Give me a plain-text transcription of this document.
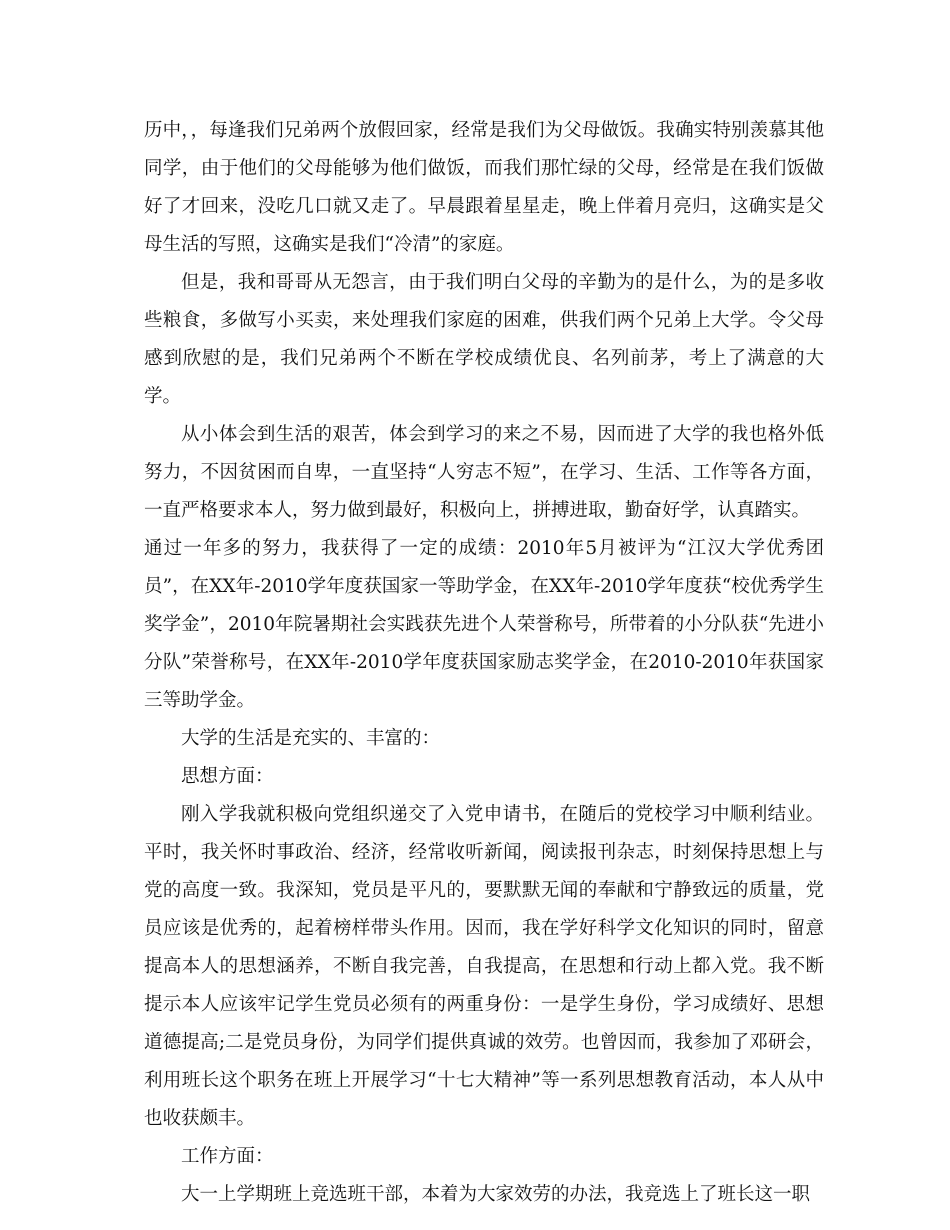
历中，，每逢我们兄弟两个放假回家，经常是我们为父母做饭。我确实特别羡慕其他同学，由于他们的父母能够为他们做饭，而我们那忙绿的父母，经常是在我们饭做好了才回来，没吃几口就又走了。早晨跟着星星走，晚上伴着月亮归，这确实是父母生活的写照，这确实是我们“冷清”的家庭。

但是，我和哥哥从无怨言，由于我们明白父母的辛勤为的是什么，为的是多收些粮食，多做写小买卖，来处理我们家庭的困难，供我们两个兄弟上大学。令父母感到欣慰的是，我们兄弟两个不断在学校成绩优良、名列前茅，考上了满意的大学。

从小体会到生活的艰苦，体会到学习的来之不易，因而进了大学的我也格外低努力，不因贫困而自卑，一直坚持“人穷志不短”，在学习、生活、工作等各方面，一直严格要求本人，努力做到最好，积极向上，拼搏进取，勤奋好学，认真踏实。

通过一年多的努力，我获得了一定的成绩：2010年5月被评为“江汉大学优秀团员”，在XX年-2010学年度获国家一等助学金，在XX年-2010学年度获“校优秀学生奖学金”，2010年院暑期社会实践获先进个人荣誉称号，所带着的小分队获“先进小分队”荣誉称号，在XX年-2010学年度获国家励志奖学金，在2010-2010年获国家三等助学金。

大学的生活是充实的、丰富的：

思想方面：

刚入学我就积极向党组织递交了入党申请书，在随后的党校学习中顺利结业。平时，我关怀时事政治、经济，经常收听新闻，阅读报刊杂志，时刻保持思想上与党的高度一致。我深知，党员是平凡的，要默默无闻的奉献和宁静致远的质量，党员应该是优秀的，起着榜样带头作用。因而，我在学好科学文化知识的同时，留意提高本人的思想涵养，不断自我完善，自我提高，在思想和行动上都入党。我不断提示本人应该牢记学生党员必须有的两重身份：一是学生身份，学习成绩好、思想道德提高;二是党员身份，为同学们提供真诚的效劳。也曾因而，我参加了邓研会，利用班长这个职务在班上开展学习“十七大精神”等一系列思想教育活动，本人从中也收获颇丰。

工作方面：

大一上学期班上竞选班干部，本着为大家效劳的办法，我竞选上了班长这一职
